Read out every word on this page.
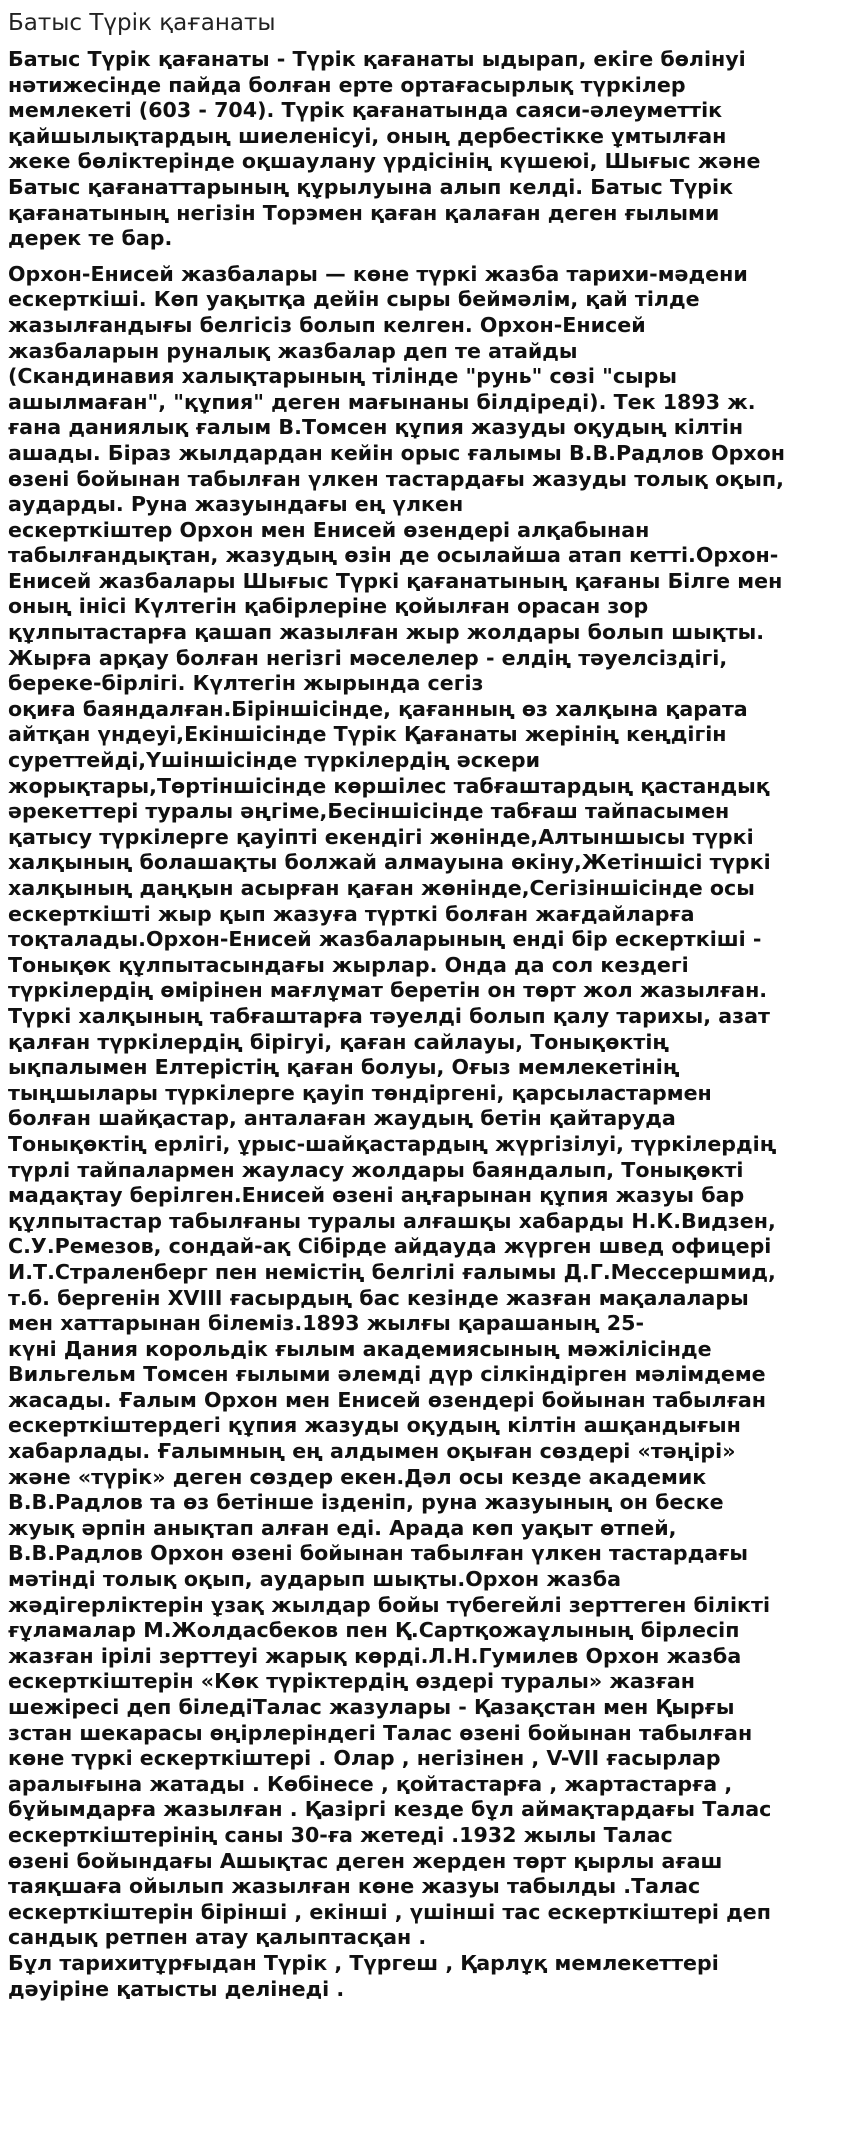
Батыс Түрік қағанаты

Батыс Түрік қағанаты - Түрік қағанаты ыдырап, екіге бөлінуі
нәтижесінде пайда болған ерте ортағасырлық түркілер
мемлекеті (603 - 704). Түрік қағанатында саяси-әлеуметтік
қайшылықтардың шиеленісуі, оның дербестікке ұмтылған
жеке бөліктерінде оқшаулану үрдісінің күшеюі, Шығыс және
Батыс қағанаттарының құрылуына алып келді. Батыс Түрік
қағанатының негізін Торэмен қаған қалаған деген ғылыми
дерек те бар.

Орхон-Енисей жазбалары — көне түркі жазба тарихи-мәдени
ескерткіші. Көп уақытқа дейін сыры беймәлім, қай тілде
жазылғандығы белгісіз болып келген. Орхон-Енисей
жазбаларын руналық жазбалар деп те атайды
(Скандинавия халықтарының тілінде "рунь" сөзі "сыры
ашылмаған", "құпия" деген мағынаны білдіреді). Тек 1893 ж.
ғана даниялық ғалым В.Томсен құпия жазуды оқудың кілтін
ашады. Біраз жылдардан кейін орыс ғалымы В.В.Радлов Орхон
өзені бойынан табылған үлкен тастардағы жазуды толық оқып,
аударды. Руна жазуындағы ең үлкен
ескерткіштер Орхон мен Енисей өзендері алқабынан
табылғандықтан, жазудың өзін де осылайша атап кетті.Орхон-
Енисей жазбалары Шығыс Түркі қағанатының қағаны Білге мен
оның інісі Күлтегін қабірлеріне қойылған орасан зор
құлпытастарға қашап жазылған жыр жолдары болып шықты.
Жырға арқау болған негізгі мәселелер - елдің тәуелсіздігі,
береке-бірлігі. Күлтегін жырында сегіз
оқиға баяндалған.Біріншісінде, қағанның өз халқына қарата
айтқан үндеуі,Екіншісінде Түрік Қағанаты жерінің кеңдігін
суреттейді,Үшіншісінде түркілердің әскери
жорықтары,Төртіншісінде көршілес табғаштардың қастандық
әрекеттері туралы әңгіме,Бесіншісінде табғаш тайпасымен
қатысу түркілерге қауіпті екендігі жөнінде,Алтыншысы түркі
халқының болашақты болжай алмауына өкіну,Жетіншісі түркі
халқының даңқын асырған қаған жөнінде,Сегізіншісінде осы
ескерткішті жыр қып жазуға түрткі болған жағдайларға
тоқталады.Орхон-Енисей жазбаларының енді бір ескерткіші -
Тонықөк құлпытасындағы жырлар. Онда да сол кездегі
түркілердің өмірінен мағлұмат беретін он төрт жол жазылған.
Түркі халқының табғаштарға тәуелді болып қалу тарихы, азат
қалған түркілердің бірігуі, қаған сайлауы, Тонықөктің
ықпалымен Елтерістің қаған болуы, Оғыз мемлекетінің
тыңшылары түркілерге қауіп төндіргені, қарсыластармен
болған шайқастар, анталаған жаудың бетін қайтаруда
Тонықөктің ерлігі, ұрыс-шайқастардың жүргізілуі, түркілердің
түрлі тайпалармен жауласу жолдары баяндалып, Тонықөкті
мадақтау берілген.Енисей өзені аңғарынан құпия жазуы бар
құлпытастар табылғаны туралы алғашқы хабарды Н.К.Видзен,
С.У.Ремезов, сондай-ақ Сібірде айдауда жүрген швед офицері
И.Т.Страленберг пен немістің белгілі ғалымы Д.Г.Мессершмид,
т.б. бергенін XVIII ғасырдың бас кезінде жазған мақалалары
мен хаттарынан білеміз.1893 жылғы қарашаның 25-
күні Дания корольдік ғылым академиясының мәжілісінде
Вильгельм Томсен ғылыми әлемді дүр сілкіндірген мәлімдеме
жасады. Ғалым Орхон мен Енисей өзендері бойынан табылған
ескерткіштердегі құпия жазуды оқудың кілтін ашқандығын
хабарлады. Ғалымның ең алдымен оқыған сөздері «тәңірі»
және «түрік» деген сөздер екен.Дәл осы кезде академик
В.В.Радлов та өз бетінше ізденіп, руна жазуының он беске
жуық әрпін анықтап алған еді. Арада көп уақыт өтпей,
В.В.Радлов Орхон өзені бойынан табылған үлкен тастардағы
мәтінді толық оқып, аударып шықты.Орхон жазба
жәдігерліктерін ұзақ жылдар бойы түбегейлі зерттеген білікті
ғұламалар М.Жолдасбеков пен Қ.Сартқожаұлының бірлесіп
жазған ірілі зерттеуі жарық көрді.Л.Н.Гумилев Орхон жазба
ескерткіштерін «Көк түріктердің өздері туралы» жазған
шежіресі деп біледіТалас жазулары - Қазақстан мен Қырғы
зстан шекарасы өңірлеріндегі Талас өзені бойынан табылған
көне түркі ескерткіштері . Олар , негізінен , V-VII ғасырлар
аралығына жатады . Көбінесе , қойтастарға , жартастарға ,
бұйымдарға жазылған . Қазіргі кезде бұл аймақтардағы Талас
ескерткіштерінің саны 30-ға жетеді .1932 жылы Талас
өзені бойындағы Ашықтас деген жерден төрт қырлы ағаш
таяқшаға ойылып жазылған көне жазуы табылды .Талас
ескерткіштерін бірінші , екінші , үшінші тас ескерткіштері деп
сандық ретпен атау қалыптасқан .
Бұл тарихитұрғыдан Түрік , Түргеш , Қарлұқ мемлекеттері
дәуіріне қатысты делінеді .
